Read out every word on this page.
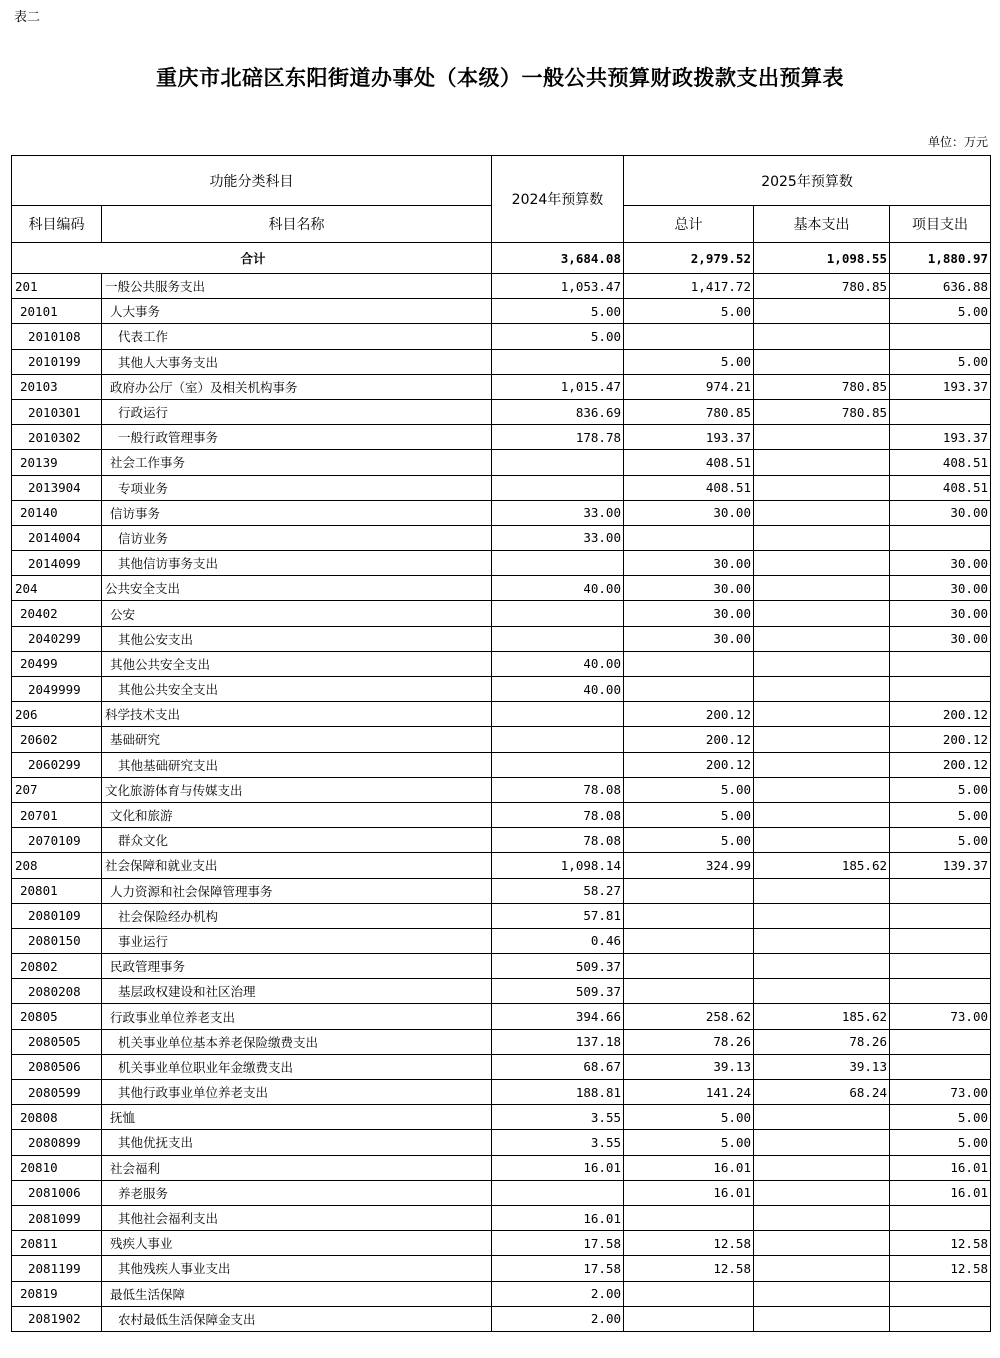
表二
重庆市北碚区东阳街道办事处（本级）一般公共预算财政拨款支出预算表
单位：万元
功能分类科目		2024年预算数	2025年预算数		
科目编码	科目名称		总计	基本支出	项目支出
合计		3,684.08	2,979.52	1,098.55	1,880.97
201	一般公共服务支出	1,053.47	1,417.72	780.85	636.88
20101	人大事务	5.00	5.00		5.00
2010108	代表工作	5.00			
2010199	其他人大事务支出		5.00		5.00
20103	政府办公厅（室）及相关机构事务	1,015.47	974.21	780.85	193.37
2010301	行政运行	836.69	780.85	780.85	
2010302	一般行政管理事务	178.78	193.37		193.37
20139	社会工作事务		408.51		408.51
2013904	专项业务		408.51		408.51
20140	信访事务	33.00	30.00		30.00
2014004	信访业务	33.00			
2014099	其他信访事务支出		30.00		30.00
204	公共安全支出	40.00	30.00		30.00
20402	公安		30.00		30.00
2040299	其他公安支出		30.00		30.00
20499	其他公共安全支出	40.00			
2049999	其他公共安全支出	40.00			
206	科学技术支出		200.12		200.12
20602	基础研究		200.12		200.12
2060299	其他基础研究支出		200.12		200.12
207	文化旅游体育与传媒支出	78.08	5.00		5.00
20701	文化和旅游	78.08	5.00		5.00
2070109	群众文化	78.08	5.00		5.00
208	社会保障和就业支出	1,098.14	324.99	185.62	139.37
20801	人力资源和社会保障管理事务	58.27			
2080109	社会保险经办机构	57.81			
2080150	事业运行	0.46			
20802	民政管理事务	509.37			
2080208	基层政权建设和社区治理	509.37			
20805	行政事业单位养老支出	394.66	258.62	185.62	73.00
2080505	机关事业单位基本养老保险缴费支出	137.18	78.26	78.26	
2080506	机关事业单位职业年金缴费支出	68.67	39.13	39.13	
2080599	其他行政事业单位养老支出	188.81	141.24	68.24	73.00
20808	抚恤	3.55	5.00		5.00
2080899	其他优抚支出	3.55	5.00		5.00
20810	社会福利	16.01	16.01		16.01
2081006	养老服务		16.01		16.01
2081099	其他社会福利支出	16.01			
20811	残疾人事业	17.58	12.58		12.58
2081199	其他残疾人事业支出	17.58	12.58		12.58
20819	最低生活保障	2.00			
2081902	农村最低生活保障金支出	2.00			
